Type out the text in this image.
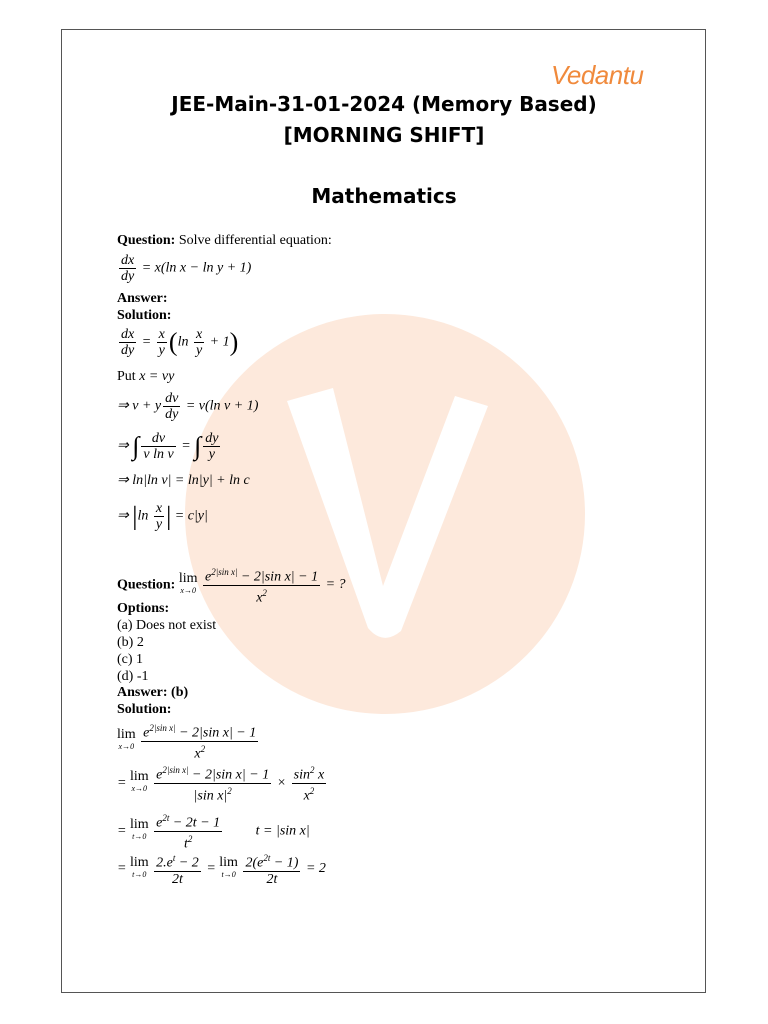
Vedantu
JEE-Main-31-01-2024 (Memory Based)
[MORNING SHIFT]
Mathematics
Question: Solve differential equation:
$\frac{dx}{dy} = x(\ln$ x − ln y + 1)
Answer:
Solution:
$\frac{dx}{dy} = \frac{x}{y} (\ln \frac{x}{y} + 1)$
Put x = vy
⇒ v + y $\frac{dv}{dy} = v(\ln$ v + 1)
⇒ ∫ $\frac{dv}{\text{v ln v}}$ = ∫ $\frac{dy}{y}$
⇒ ln|ln v| = ln|y| + ln c
⇒ $|\ln \frac{x}{y}$ | = c|y|
Question: lim
x→0
$\frac{e^{2|sin x|} - 2|\sin x| - 1}{x^2}$ = ?
Options:
(a) Does not exist
(b) 2
(c) 1
(d) -1
Answer: (b)
Solution:
lim
x→0
$\frac{e^{2|sin x|} - 2|\sin x| - 1}{x^2}$
= lim
x→0
$\frac{e^{2|sin x|} - 2|\sin x| - 1}{|\sin x|^2} \times \frac{\sin^2 x}{x^2}$
= lim
t→0
$\frac{e^{2t} - 2t - 1}{t^2}$ t = |sin x|
= lim
t→0
$\frac{2.e^t - 2}{2t} = \lim$
t→0
$\frac{2(e^{2t} - 1)}{2t} = 2$
